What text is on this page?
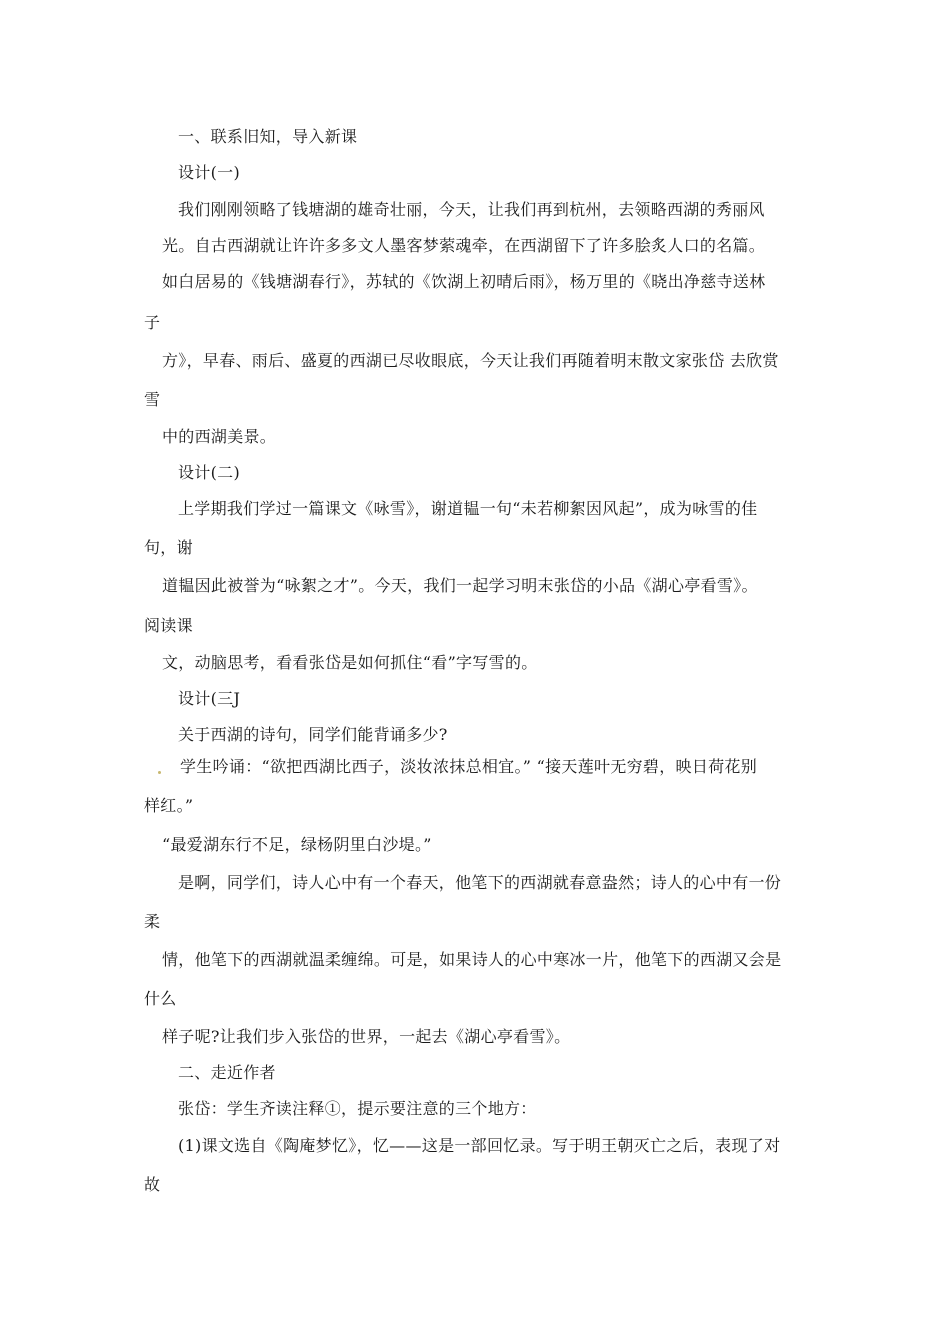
一、联系旧知，导入新课
设计(一)
我们刚刚领略了钱塘湖的雄奇壮丽，今天，让我们再到杭州，去领略西湖的秀丽风
光。自古西湖就让许许多多文人墨客梦萦魂牵，在西湖留下了许多脍炙人口的名篇。
如白居易的《钱塘湖春行》，苏轼的《饮湖上初晴后雨》，杨万里的《晓出净慈寺送林
子
方》，早春、雨后、盛夏的西湖已尽收眼底，今天让我们再随着明末散文家张岱 去欣赏
雪
中的西湖美景。
设计(二)
上学期我们学过一篇课文《咏雪》，谢道韫一句“未若柳絮因风起”，成为咏雪的佳
句，谢
道韫因此被誉为“咏絮之才”。今天，我们一起学习明末张岱的小品《湖心亭看雪》。
阅读课
文，动脑思考，看看张岱是如何抓住“看”字写雪的。
设计(三J
关于西湖的诗句，同学们能背诵多少?
学生吟诵：“欲把西湖比西子，淡妆浓抹总相宜。” “接天莲叶无穷碧，映日荷花别
样红。”
“最爱湖东行不足，绿杨阴里白沙堤。”
是啊，同学们，诗人心中有一个春天，他笔下的西湖就春意盎然；诗人的心中有一份
柔
情，他笔下的西湖就温柔缠绵。可是，如果诗人的心中寒冰一片，他笔下的西湖又会是
什么
样子呢?让我们步入张岱的世界，一起去《湖心亭看雪》。
二、走近作者
张岱：学生齐读注释①，提示要注意的三个地方：
(1)课文选自《陶庵梦忆》，忆——这是一部回忆录。写于明王朝灭亡之后，表现了对
故
